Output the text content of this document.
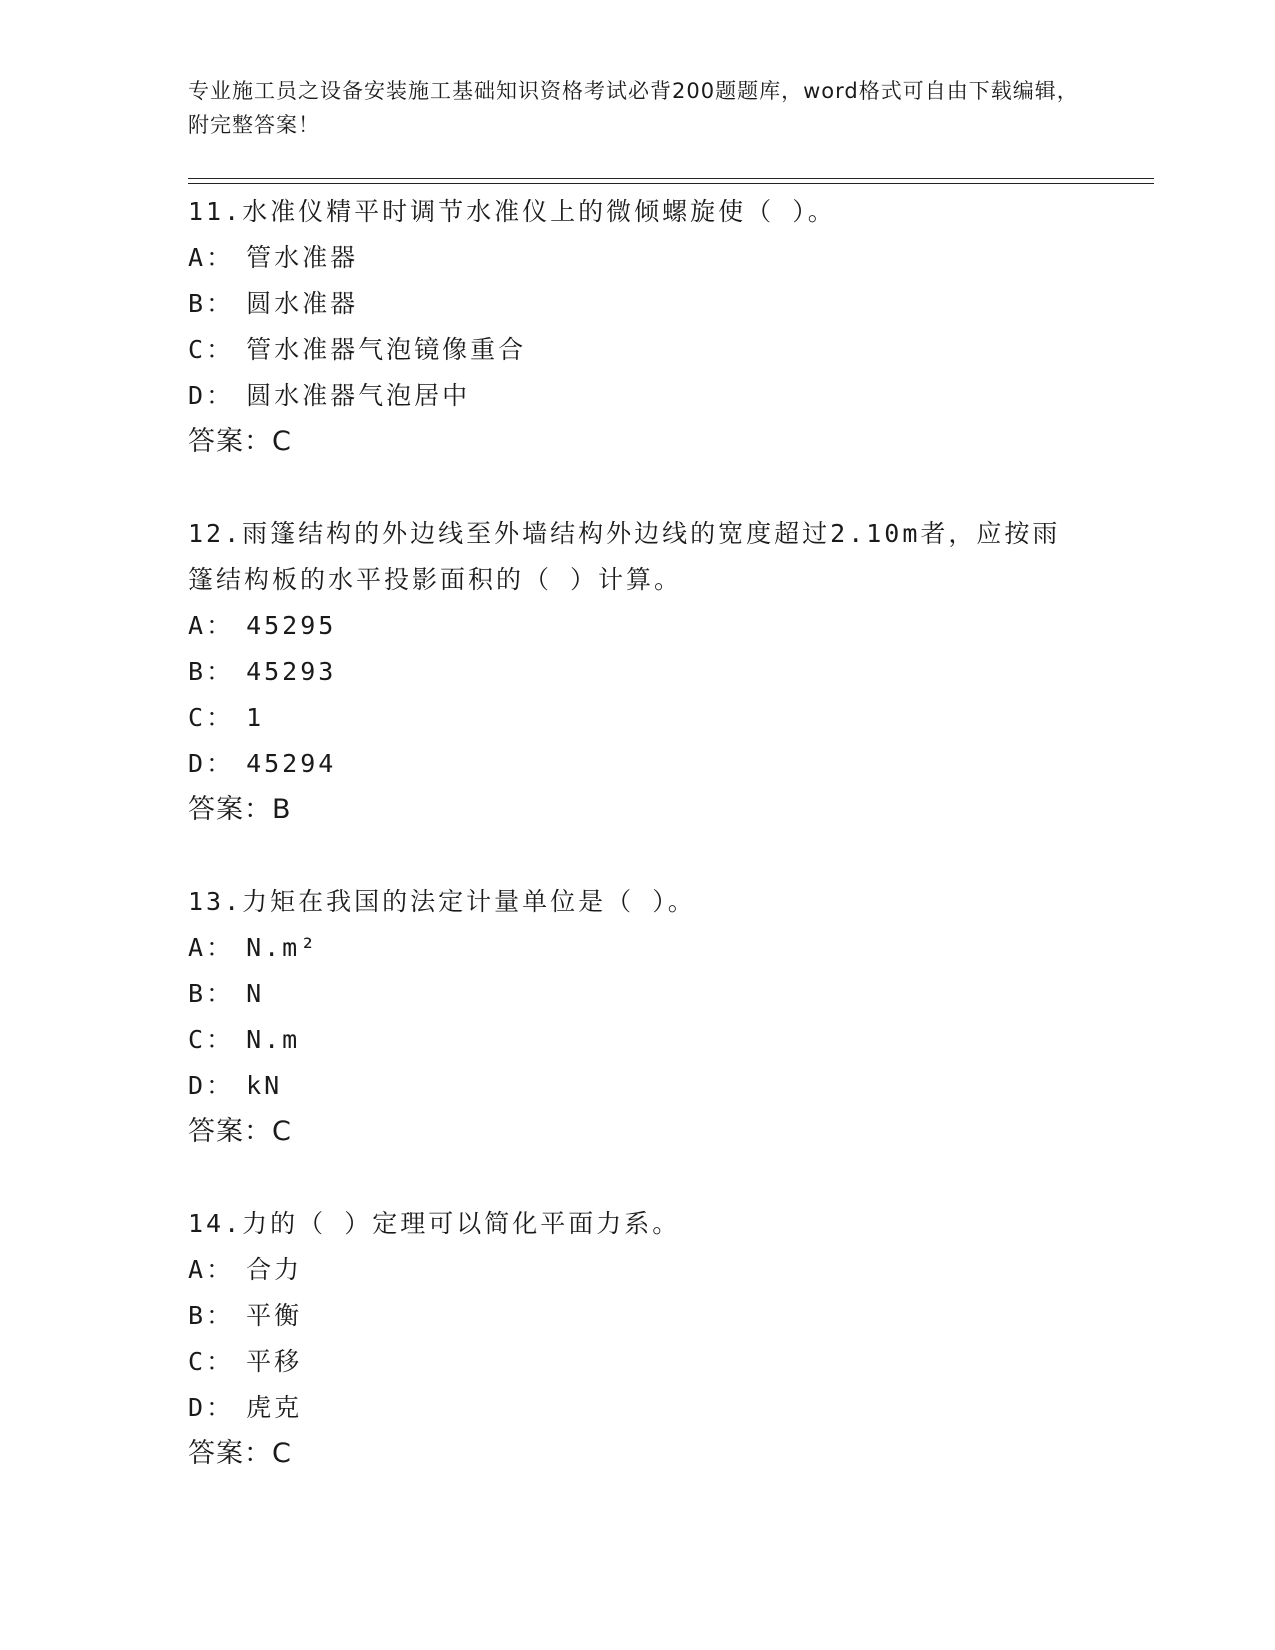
专业施工员之设备安装施工基础知识资格考试必背200题题库，word格式可自由下载编辑，附完整答案！

11.水准仪精平时调节水准仪上的微倾螺旋使（ ）。

A： 管水准器
B： 圆水准器
C： 管水准器气泡镜像重合
D： 圆水准器气泡居中
答案：C

12.雨篷结构的外边线至外墙结构外边线的宽度超过2.10m者，应按雨篷结构板的水平投影面积的（ ）计算。

A： 45295
B： 45293
C： 1
D： 45294
答案：B

13.力矩在我国的法定计量单位是（ ）。

A： N.m²
B： N
C： N.m
D： kN
答案：C

14.力的（ ）定理可以简化平面力系。

A： 合力
B： 平衡
C： 平移
D： 虎克
答案：C
